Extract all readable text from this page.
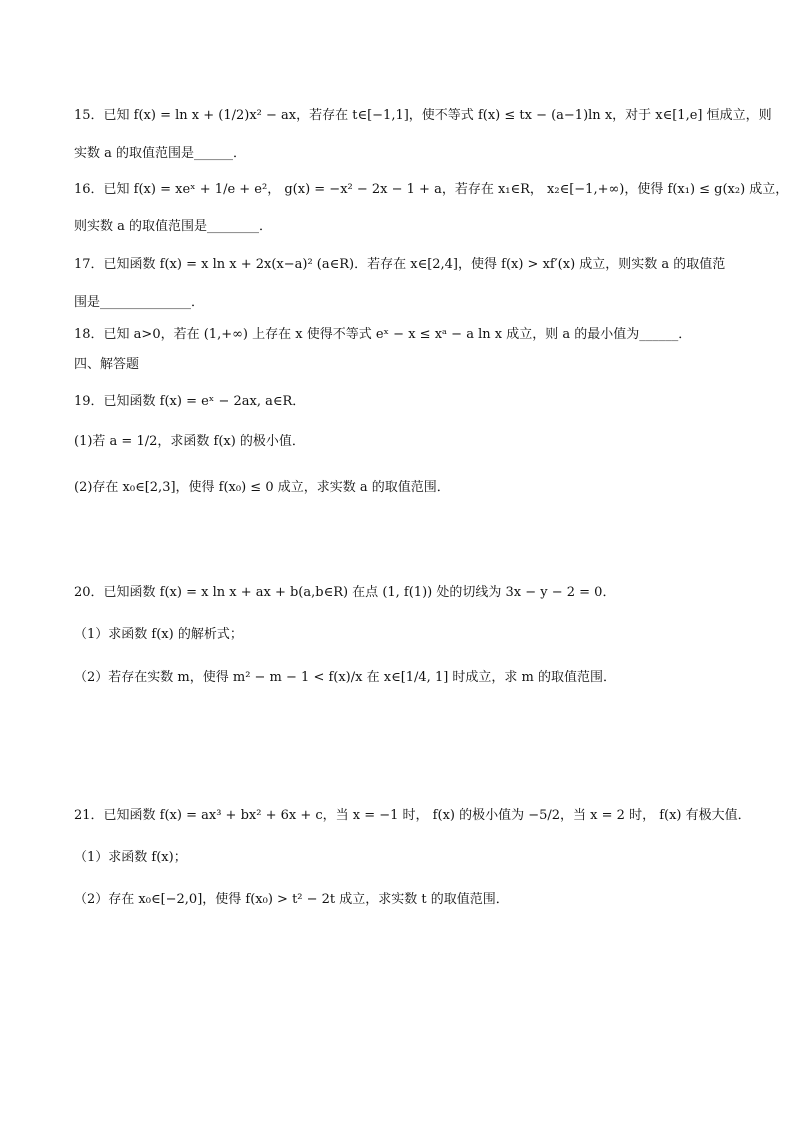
15．已知 f(x) = ln x + (1/2)x² − ax，若存在 t∈[−1,1]，使不等式 f(x) ≤ tx − (a−1)ln x，对于 x∈[1,e] 恒成立，则
实数 a 的取值范围是______．
16．已知 f(x) = xeˣ + 1/e + e²， g(x) = −x² − 2x − 1 + a，若存在 x₁∈R， x₂∈[−1,+∞)，使得 f(x₁) ≤ g(x₂) 成立，
则实数 a 的取值范围是________．
17．已知函数 f(x) = x ln x + 2x(x−a)² (a∈R)．若存在 x∈[2,4]，使得 f(x) > xf′(x) 成立，则实数 a 的取值范
围是______________．
18．已知 a>0，若在 (1,+∞) 上存在 x 使得不等式 eˣ − x ≤ xᵃ − a ln x 成立，则 a 的最小值为______．
四、解答题
19．已知函数 f(x) = eˣ − 2ax, a∈R．
(1)若 a = 1/2，求函数 f(x) 的极小值．
(2)存在 x₀∈[2,3]，使得 f(x₀) ≤ 0 成立，求实数 a 的取值范围．
20．已知函数 f(x) = x ln x + ax + b(a,b∈R) 在点 (1, f(1)) 处的切线为 3x − y − 2 = 0．
（1）求函数 f(x) 的解析式；
（2）若存在实数 m，使得 m² − m − 1 < f(x)/x 在 x∈[1/4, 1] 时成立，求 m 的取值范围．
21．已知函数 f(x) = ax³ + bx² + 6x + c，当 x = −1 时， f(x) 的极小值为 −5/2，当 x = 2 时， f(x) 有极大值．
（1）求函数 f(x)；
（2）存在 x₀∈[−2,0]，使得 f(x₀) > t² − 2t 成立，求实数 t 的取值范围．
